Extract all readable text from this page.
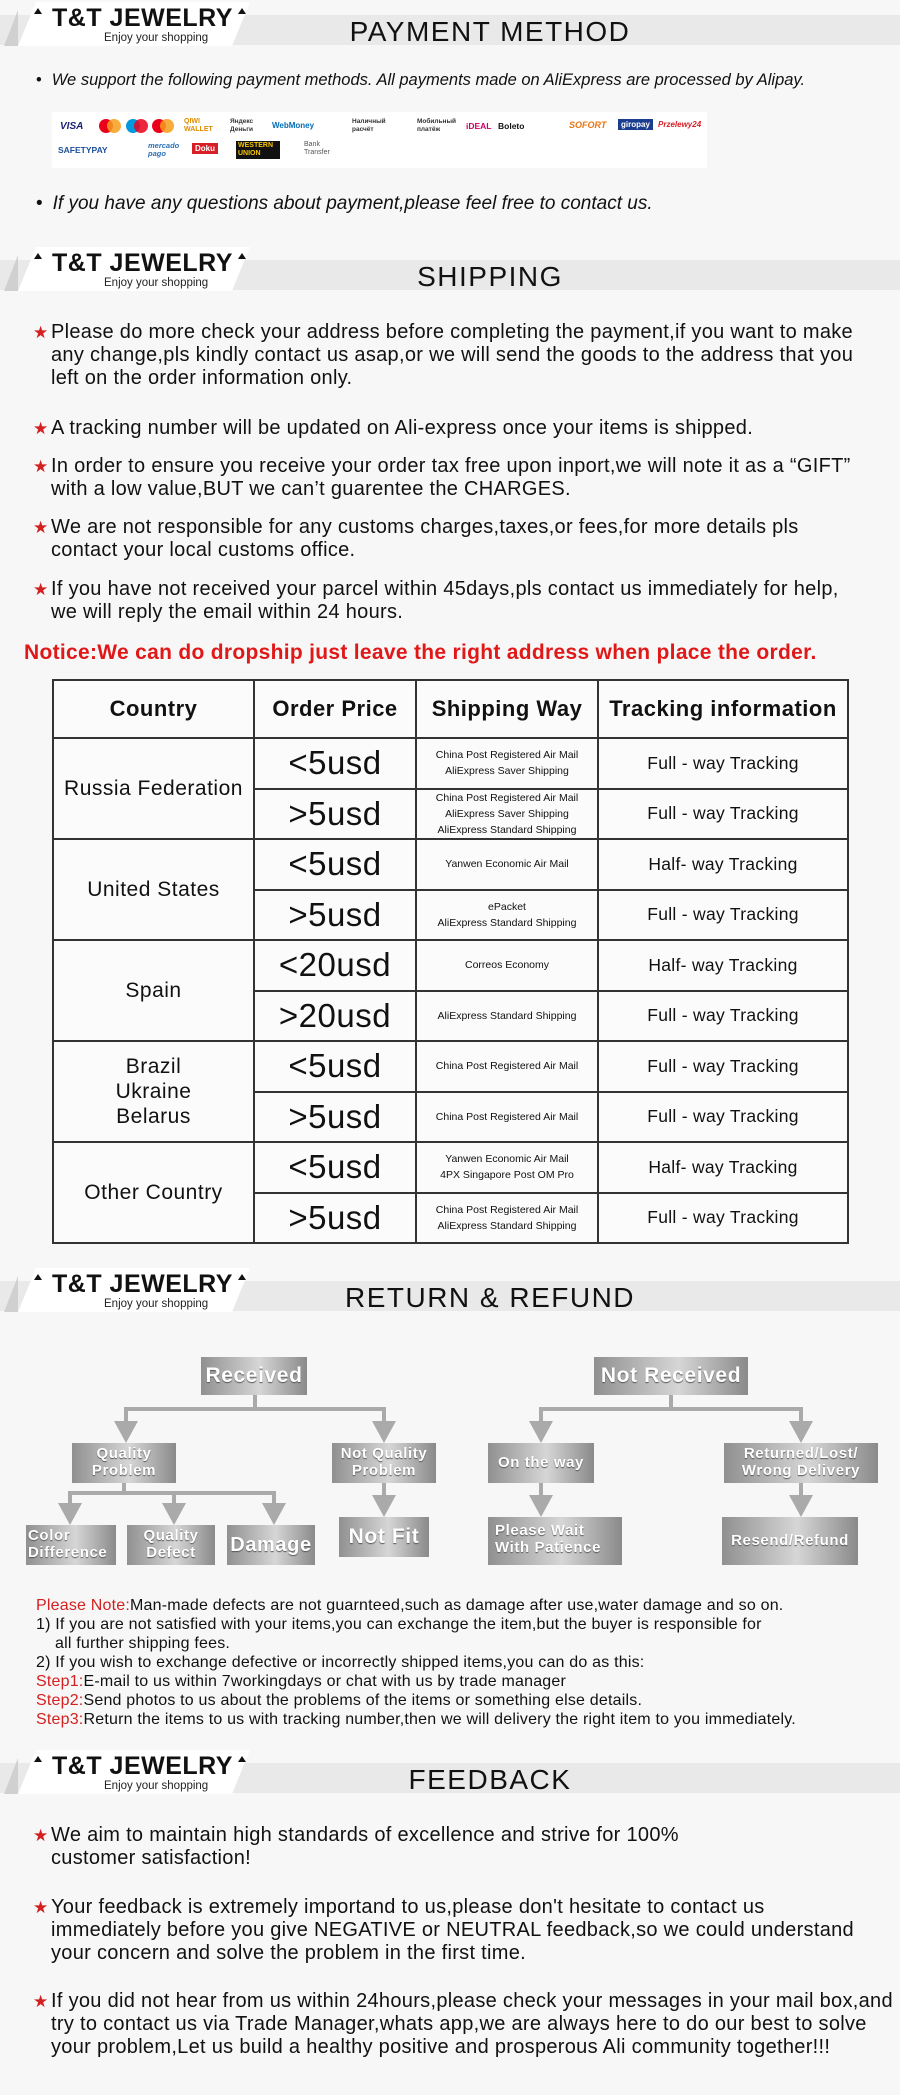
T&T JEWELRY
Enjoy your shopping	PAYMENT METHOD
• We support the following payment methods. All payments made on AliExpress are processed by Alipay.
VISA	QIWI WALLET
Яндекс Деньги	WebMoney	Наличный расчёт
Мобильный платёж	iDEAL Boleto	SOFORT	giropay	Przelewy24
SAFETYPAY	mercado pago
Doku	WESTERN UNION
Bank Transfer
• If you have any questions about payment,please feel free to contact us.
T&T JEWELRY
Enjoy your shopping	SHIPPING
★ Please do more check your address before completing the payment,if you want to make any change,pls kindly contact us asap,or we will send the goods to the address that you left on the order information only.
★ A tracking number will be updated on Ali-express once your items is shipped.
★ In order to ensure you receive your order tax free upon inport,we will note it as a “GIFT” with a low value,BUT we can’t guarentee the CHARGES.
★ We are not responsible for any customs charges,taxes,or fees,for more details pls contact your local customs office.
★ If you have not received your parcel within 45days,pls contact us immediately for help, we will reply the email within 24 hours.
Notice:We can do dropship just leave the right address when place the order.
Country	Order Price	Shipping Way	Tracking information
Russia Federation	<5usd	China Post Registered Air Mail
AliExpress Saver Shipping	Full - way Tracking
	>5usd	China Post Registered Air Mail
AliExpress Saver Shipping
AliExpress Standard Shipping	Full - way Tracking
United States	<5usd	Yanwen Economic Air Mail	Half- way Tracking
	>5usd	ePacket
AliExpress Standard Shipping	Full - way Tracking
Spain	<20usd	Correos Economy	Half- way Tracking
	>20usd	AliExpress Standard Shipping	Full - way Tracking
Brazil
Ukraine
Belarus	<5usd	China Post Registered Air Mail	Full - way Tracking
	>5usd	China Post Registered Air Mail	Full - way Tracking
Other Country	<5usd	Yanwen Economic Air Mail
4PX Singapore Post OM Pro	Half- way Tracking
	>5usd	China Post Registered Air Mail
AliExpress Standard Shipping	Full - way Tracking
T&T JEWELRY
Enjoy your shopping	RETURN & REFUND
Received
Quality Problem
Not Quality Problem
Color Difference
Quality Defect	Damage	Not Fit
Not Received
On the way
Returned/Lost/ Wrong Delivery
Please Wait With Patience	Resend/Refund
Please Note:Man-made defects are not guarnteed,such as damage after use,water damage and so on.
1) If you are not satisfied with your items,you can exchange the item,but the buyer is responsible for
all further shipping fees.
2) If you wish to exchange defective or incorrectly shipped items,you can do as this:
Step1:E-mail to us within 7workingdays or chat with us by trade manager
Step2:Send photos to us about the problems of the items or something else details.
Step3:Return the items to us with tracking number,then we will delivery the right item to you immediately.
T&T JEWELRY
Enjoy your shopping	FEEDBACK
★ We aim to maintain high standards of excellence and strive for 100% customer satisfaction!
★ Your feedback is extremely importand to us,please don't hesitate to contact us immediately before you give NEGATIVE or NEUTRAL feedback,so we could understand your concern and solve the problem in the first time.
★ If you did not hear from us within 24hours,please check your messages in your mail box,and try to contact us via Trade Manager,whats app,we are always here to do our best to solve your problem,Let us build a healthy positive and prosperous Ali community together!!!
